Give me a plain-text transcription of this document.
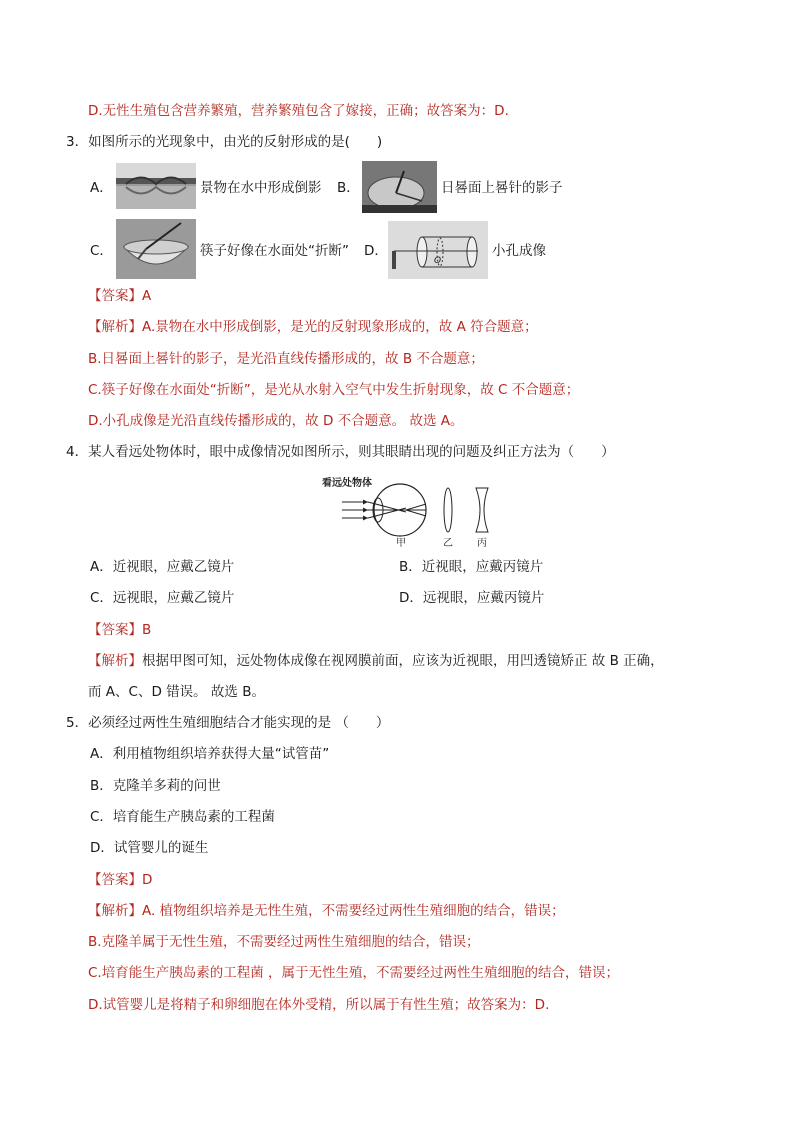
D.无性生殖包含营养繁殖，营养繁殖包含了嫁接，正确；故答案为：D.
3．如图所示的光现象中，由光的反射形成的是(　　)
A．	景物在水中形成倒影 B．	日晷面上晷针的影子
C．	筷子好像在水面处“折断” D．
O
小孔成像
【答案】A
【解析】A.景物在水中形成倒影，是光的反射现象形成的，故 A 符合题意；
B.日晷面上晷针的影子，是光沿直线传播形成的，故 B 不合题意；
C.筷子好像在水面处“折断”，是光从水射入空气中发生折射现象，故 C 不合题意；
D.小孔成像是光沿直线传播形成的，故 D 不合题意。 故选 A。
4．某人看远处物体时，眼中成像情况如图所示，则其眼睛出现的问题及纠正方法为（　　）
看远处物体
甲	乙 丙
A．近视眼，应戴乙镜片	B．近视眼，应戴丙镜片
C．远视眼，应戴乙镜片	D．远视眼，应戴丙镜片
【答案】B
【解析】根据甲图可知，远处物体成像在视网膜前面，应该为近视眼，用凹透镜矫正 故 B 正确，
而 A、C、D 错误。 故选 B。
5．必须经过两性生殖细胞结合才能实现的是 （　　）
A．利用植物组织培养获得大量“试管苗”
B．克隆羊多莉的问世
C．培育能生产胰岛素的工程菌
D．试管婴儿的诞生
【答案】D
【解析】A. 植物组织培养是无性生殖，不需要经过两性生殖细胞的结合，错误；
B.克隆羊属于无性生殖，不需要经过两性生殖细胞的结合，错误；
C.培育能生产胰岛素的工程菌 ，属于无性生殖，不需要经过两性生殖细胞的结合，错误；
D.试管婴儿是将精子和卵细胞在体外受精，所以属于有性生殖；故答案为：D.
